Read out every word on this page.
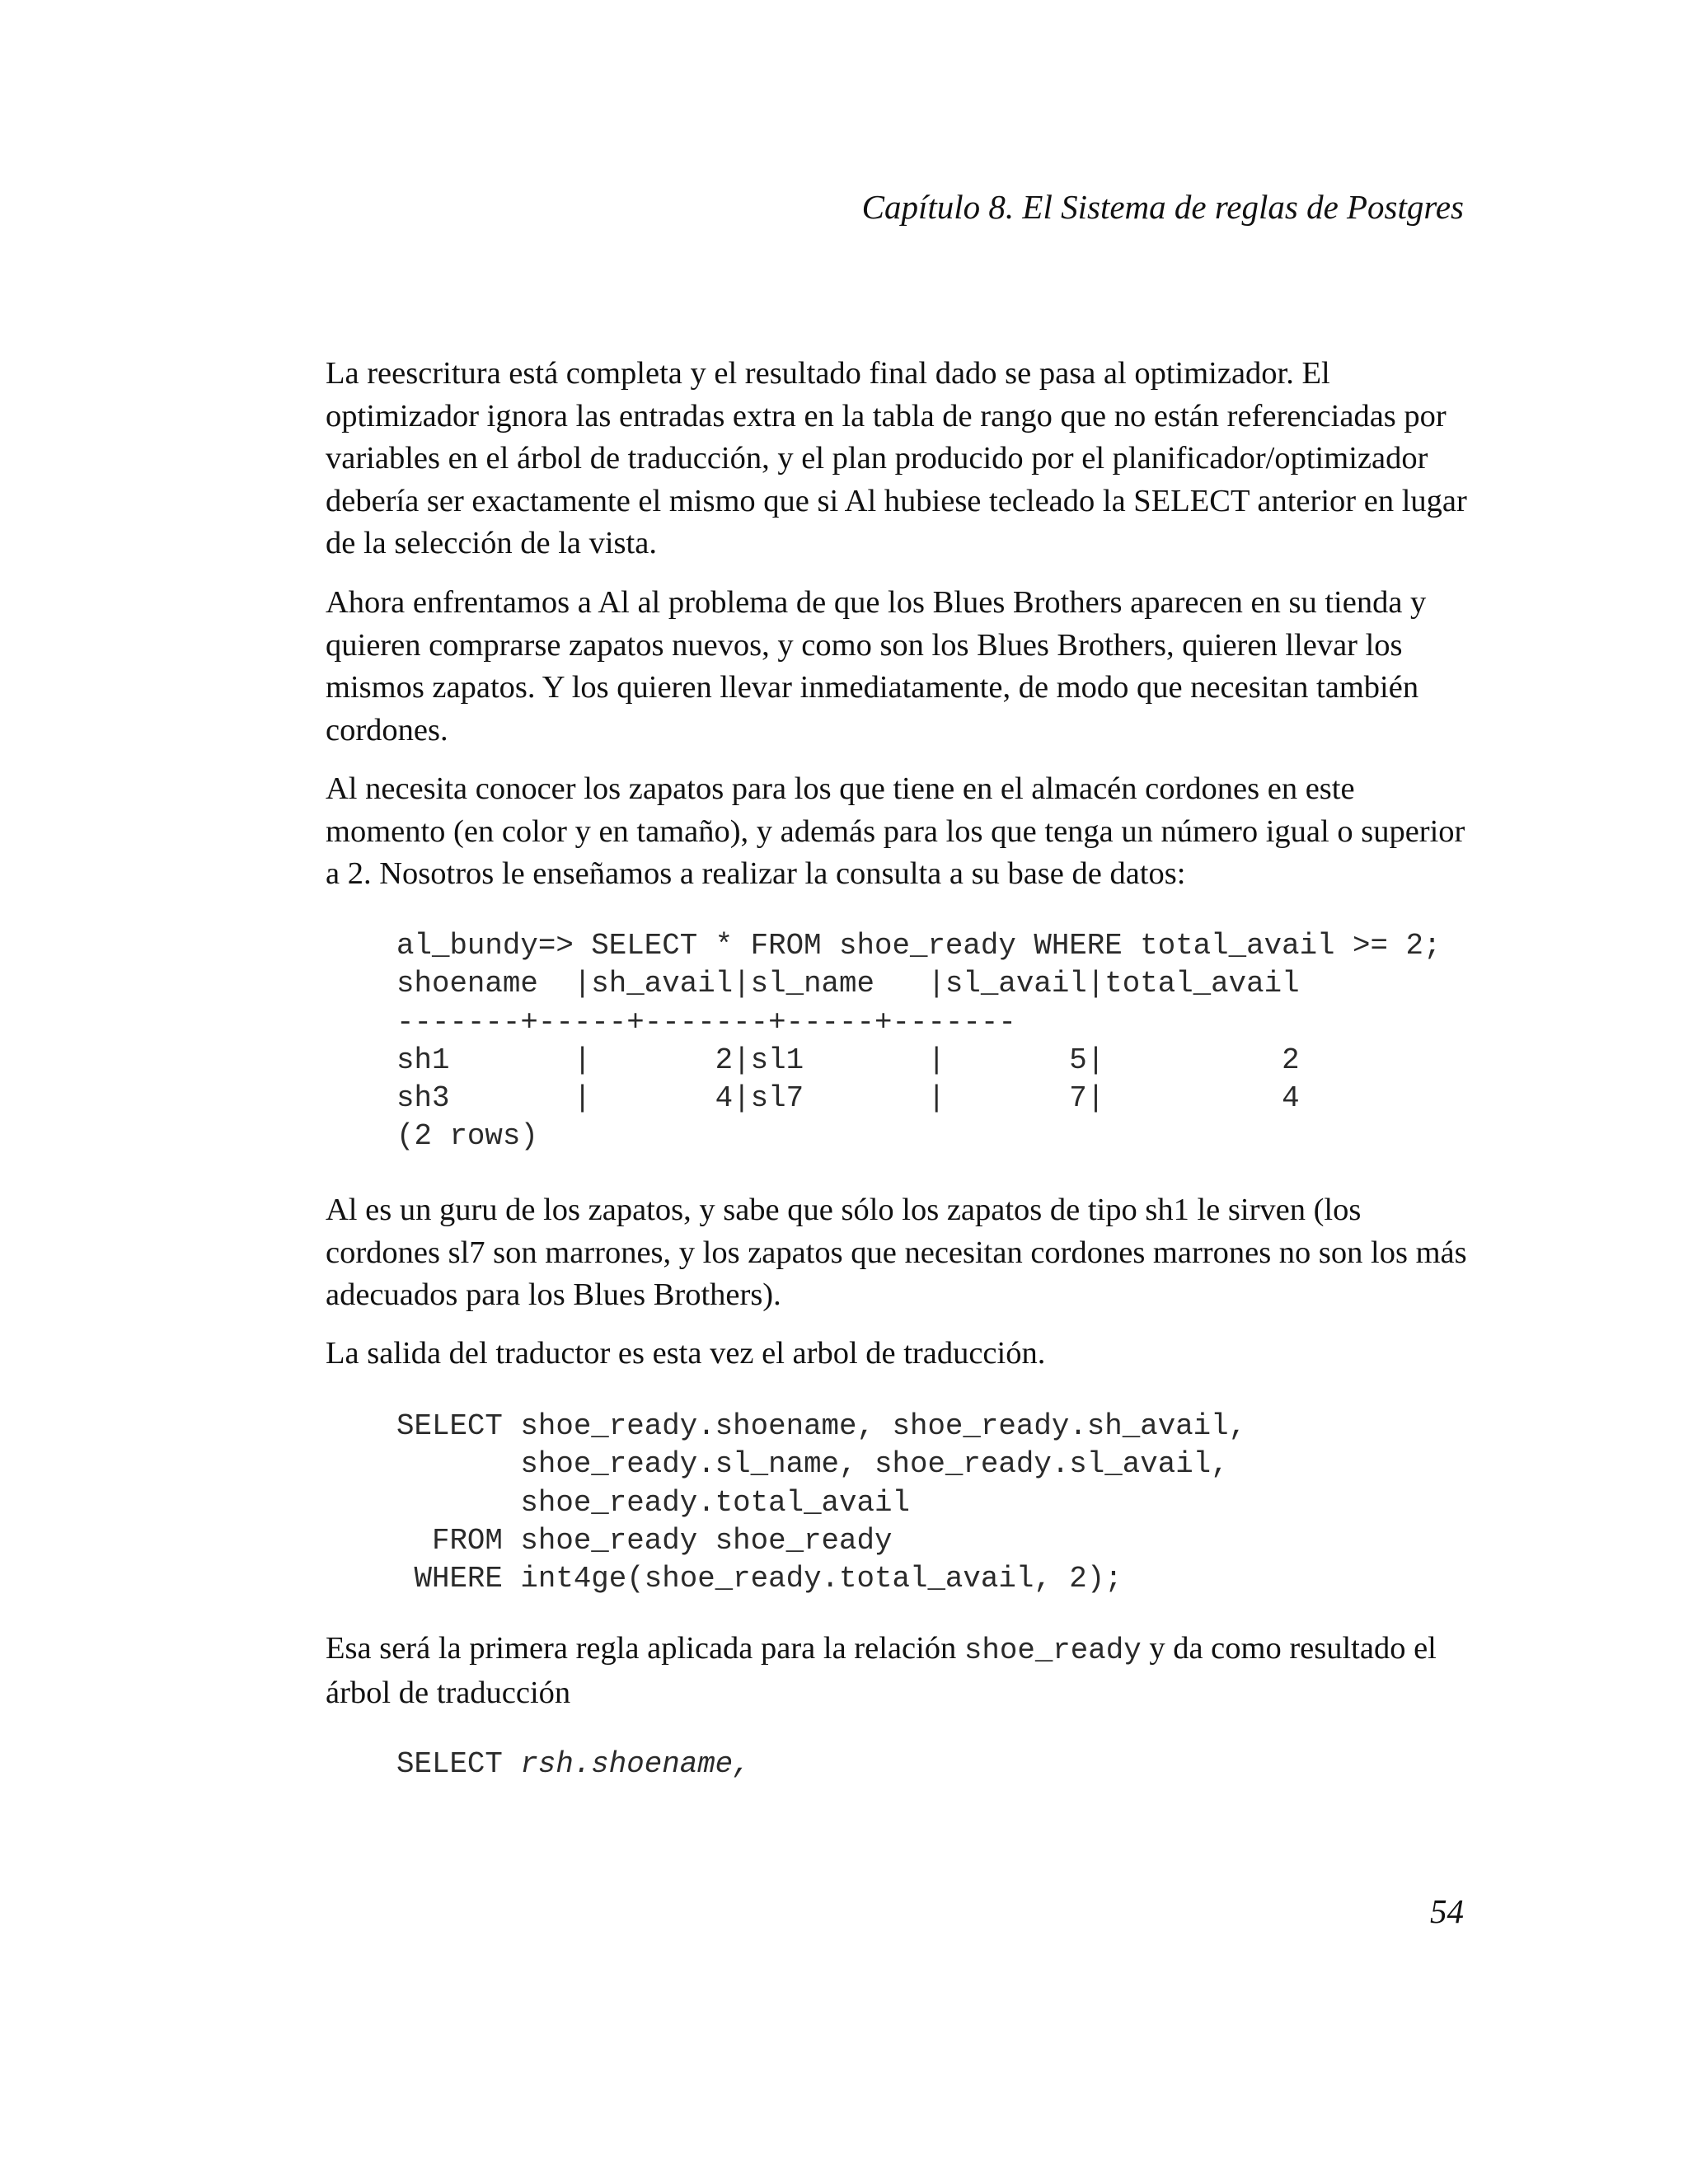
Capítulo 8. El Sistema de reglas de Postgres

La reescritura está completa y el resultado final dado se pasa al optimizador. El optimizador ignora las entradas extra en la tabla de rango que no están referenciadas por variables en el árbol de traducción, y el plan producido por el planificador/optimizador debería ser exactamente el mismo que si Al hubiese tecleado la SELECT anterior en lugar de la selección de la vista.

Ahora enfrentamos a Al al problema de que los Blues Brothers aparecen en su tienda y quieren comprarse zapatos nuevos, y como son los Blues Brothers, quieren llevar los mismos zapatos. Y los quieren llevar inmediatamente, de modo que necesitan también cordones.

Al necesita conocer los zapatos para los que tiene en el almacén cordones en este momento (en color y en tamaño), y además para los que tenga un número igual o superior a 2. Nosotros le enseñamos a realizar la consulta a su base de datos:

al_bundy=> SELECT * FROM shoe_ready WHERE total_avail >= 2;
shoename  |sh_avail|sl_name   |sl_avail|total_avail
-------+-----+-------+-----+-------
sh1       |       2|sl1       |       5|          2
sh3       |       4|sl7       |       7|          4
(2 rows)

Al es un guru de los zapatos, y sabe que sólo los zapatos de tipo sh1 le sirven (los cordones sl7 son marrones, y los zapatos que necesitan cordones marrones no son los más adecuados para los Blues Brothers).

La salida del traductor es esta vez el arbol de traducción.

SELECT shoe_ready.shoename, shoe_ready.sh_avail,
shoe_ready.sl_name, shoe_ready.sl_avail,
shoe_ready.total_avail
FROM shoe_ready shoe_ready
WHERE int4ge(shoe_ready.total_avail, 2);

Esa será la primera regla aplicada para la relación shoe_ready y da como resultado el árbol de traducción

SELECT rsh.shoename,

54
